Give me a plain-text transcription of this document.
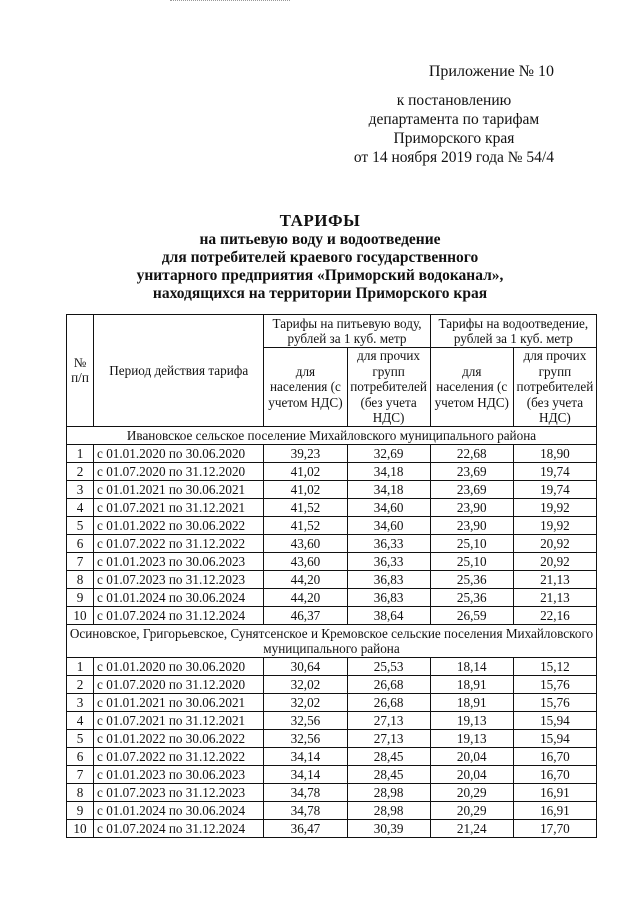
Приложение № 10
к постановлению
департамента по тарифам
Приморского края
от 14 ноября 2019 года № 54/4
ТАРИФЫ
на питьевую воду и водоотведение
для потребителей краевого государственного
унитарного предприятия «Приморский водоканал»,
находящихся на территории Приморского края
№ п/п	Период действия тарифа	Тарифы на питьевую воду, рублей за 1 куб. метр		Тарифы на водоотведение, рублей за 1 куб. метр	
		для населения (с учетом НДС)	для прочих групп потребителей (без учета НДС)	для населения (с учетом НДС)	для прочих групп потребителей (без учета НДС)
Ивановское сельское поселение Михайловского муниципального района					
1	с 01.01.2020 по 30.06.2020	39,23	32,69	22,68	18,90
2	с 01.07.2020 по 31.12.2020	41,02	34,18	23,69	19,74
3	с 01.01.2021 по 30.06.2021	41,02	34,18	23,69	19,74
4	с 01.07.2021 по 31.12.2021	41,52	34,60	23,90	19,92
5	с 01.01.2022 по 30.06.2022	41,52	34,60	23,90	19,92
6	с 01.07.2022 по 31.12.2022	43,60	36,33	25,10	20,92
7	с 01.01.2023 по 30.06.2023	43,60	36,33	25,10	20,92
8	с 01.07.2023 по 31.12.2023	44,20	36,83	25,36	21,13
9	с 01.01.2024 по 30.06.2024	44,20	36,83	25,36	21,13
10	с 01.07.2024 по 31.12.2024	46,37	38,64	26,59	22,16
Осиновское, Григорьевское, Сунятсенское и Кремовское сельские поселения Михайловского муниципального района					
1	с 01.01.2020 по 30.06.2020	30,64	25,53	18,14	15,12
2	с 01.07.2020 по 31.12.2020	32,02	26,68	18,91	15,76
3	с 01.01.2021 по 30.06.2021	32,02	26,68	18,91	15,76
4	с 01.07.2021 по 31.12.2021	32,56	27,13	19,13	15,94
5	с 01.01.2022 по 30.06.2022	32,56	27,13	19,13	15,94
6	с 01.07.2022 по 31.12.2022	34,14	28,45	20,04	16,70
7	с 01.01.2023 по 30.06.2023	34,14	28,45	20,04	16,70
8	с 01.07.2023 по 31.12.2023	34,78	28,98	20,29	16,91
9	с 01.01.2024 по 30.06.2024	34,78	28,98	20,29	16,91
10	с 01.07.2024 по 31.12.2024	36,47	30,39	21,24	17,70
